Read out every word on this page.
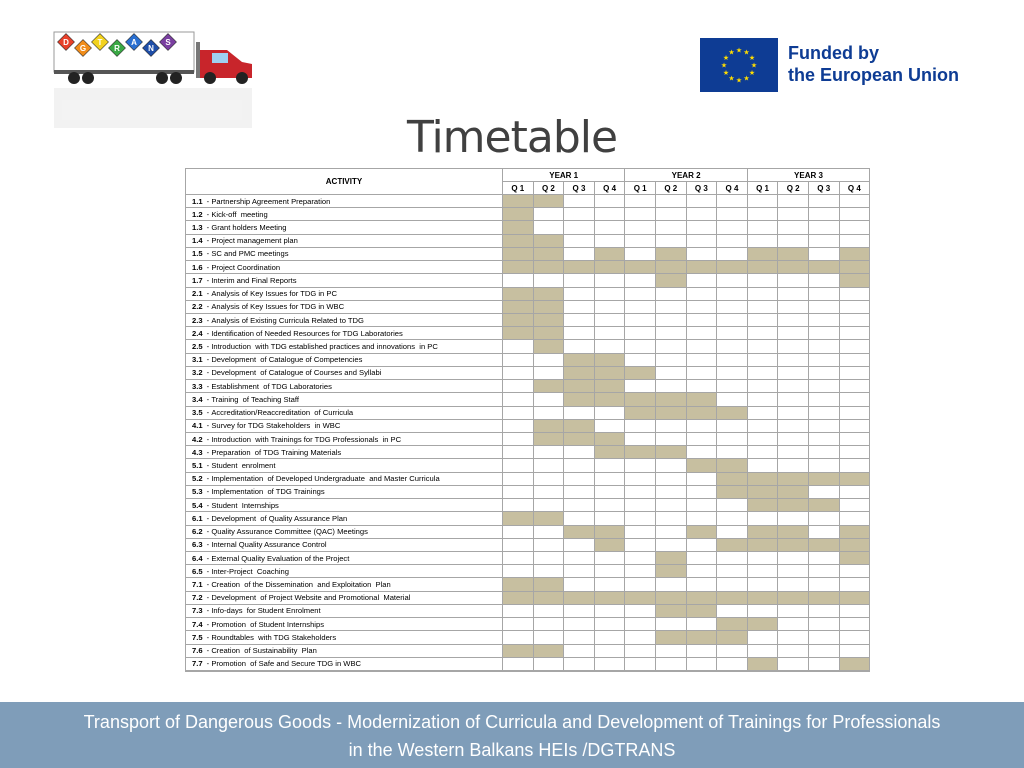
D
G
T
R
A
N
S
★
★
★
★
★
★
★
★
★ ★ ★
★ Funded by
the European Union
Timetable
ACTIVITY
YEAR 1	YEAR 2	YEAR 3
Q 1	Q 2	Q 3	Q 4	Q 1	Q 2	Q 3	Q 4	Q 1	Q 2	Q 3	Q 4
1.1 - Partnership Agreement Preparation
1.2 - Kick-off  meeting
1.3 - Grant holders Meeting
1.4 - Project management plan
1.5 - SC and PMC meetings
1.6 - Project Coordination
1.7 - Interim and Final Reports
2.1 - Analysis of Key Issues for TDG in PC
2.2 - Analysis of Key Issues for TDG in WBC
2.3 - Analysis of Existing Curricula Related to TDG
2.4 - Identification of Needed Resources for TDG Laboratories
2.5 - Introduction  with TDG established practices and innovations  in PC
3.1 - Development  of Catalogue of Competencies
3.2 - Development  of Catalogue of Courses and Syllabi
3.3 - Establishment  of TDG Laboratories
3.4 - Training  of Teaching Staff
3.5 - Accreditation/Reaccreditation  of Curricula
4.1 - Survey for TDG Stakeholders  in WBC
4.2 - Introduction  with Trainings for TDG Professionals  in PC
4.3 - Preparation  of TDG Training Materials
5.1 - Student  enrolment
5.2 - Implementation  of Developed Undergraduate  and Master Curricula
5.3 - Implementation  of TDG Trainings
5.4 - Student  Internships
6.1 - Development  of Quality Assurance Plan
6.2 - Quality Assurance Committee (QAC) Meetings
6.3 - Internal Quality Assurance Control
6.4 - External Quality Evaluation of the Project
6.5 - Inter-Project  Coaching
7.1 - Creation  of the Dissemination  and Exploitation  Plan
7.2 - Development  of Project Website and Promotional  Material
7.3 - Info-days  for Student Enrolment
7.4 - Promotion  of Student Internships
7.5 - Roundtables  with TDG Stakeholders
7.6 - Creation  of Sustainability  Plan
7.7 - Promotion  of Safe and Secure TDG in WBC
Transport of Dangerous Goods - Modernization of Curricula and Development of Trainings for Professionals
in the Western Balkans HEIs /DGTRANS
